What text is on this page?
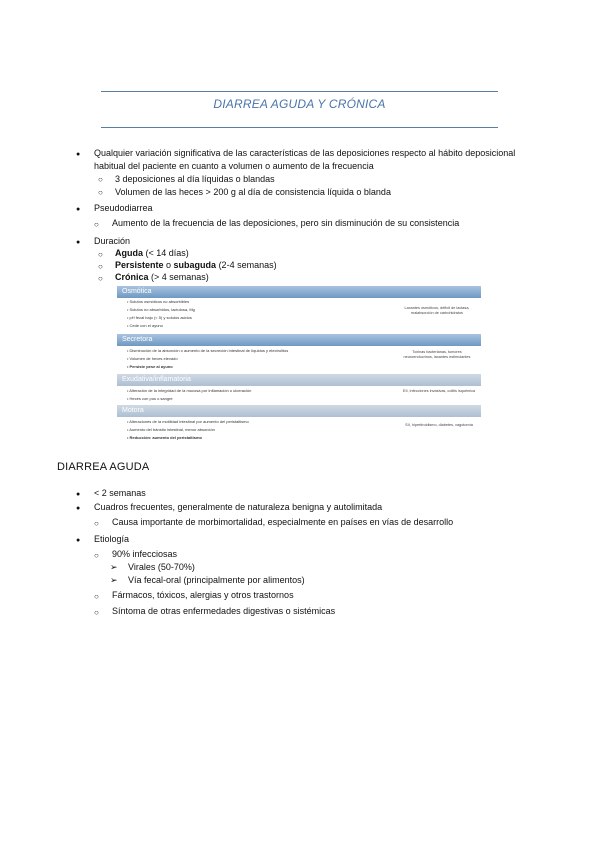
DIARREA AGUDA Y CRÓNICA
● Qualquier variación significativa de las características de las deposiciones respecto al hábito deposicional
habitual del paciente en cuanto a volumen o aumento de la frecuencia
○ 3 deposiciones al día líquidas o blandas
○ Volumen de las heces > 200 g al día de consistencia líquida o blanda
● Pseudodiarrea
○ Aumento de la frecuencia de las deposiciones, pero sin disminución de su consistencia
● Duración
○ Aguda (< 14 días)
○ Persistente o subaguda (2-4 semanas)
○ Crónica (> 4 semanas)
Osmótica
• Solutos osmóticos no absorbibles
• Solutos no absorbidos, lactulosa, Mg
• pH fecal bajo (< 5) y solutos acidos
• Cede con el ayuno
Laxantes osmóticos, déficit de lactasa, malabsorción de carbohidratos
Secretora
• Disminución de la absorción o aumento de la secreción intestinal de líquidos y electrolitos
• Volumen de heces elevado
• Persiste pese al ayuno
Toxinas bacterianas, tumores neuroendocrinos, laxantes estimulantes
Exudativa/inflamatoria
• Alteración de la integridad de la mucosa por inflamación o ulceración
• Heces con pus o sangre
EII, infecciones invasivas, colitis isquémica
Motora
• Alteraciones de la motilidad intestinal por aumento del peristaltismo
• Aumento del tránsito intestinal, menor absorción
• Reducción: aumento del peristaltismo
SII, hipertiroidismo, diabetes, vagotomía
DIARREA AGUDA
● < 2 semanas
● Cuadros frecuentes, generalmente de naturaleza benigna y autolimitada
○ Causa importante de morbimortalidad, especialmente en países en vías de desarrollo
● Etiología
○ 90% infecciosas
➢ Virales (50-70%)
➢ Vía fecal-oral (principalmente por alimentos)
○ Fármacos, tóxicos, alergias y otros trastornos
○ Síntoma de otras enfermedades digestivas o sistémicas
